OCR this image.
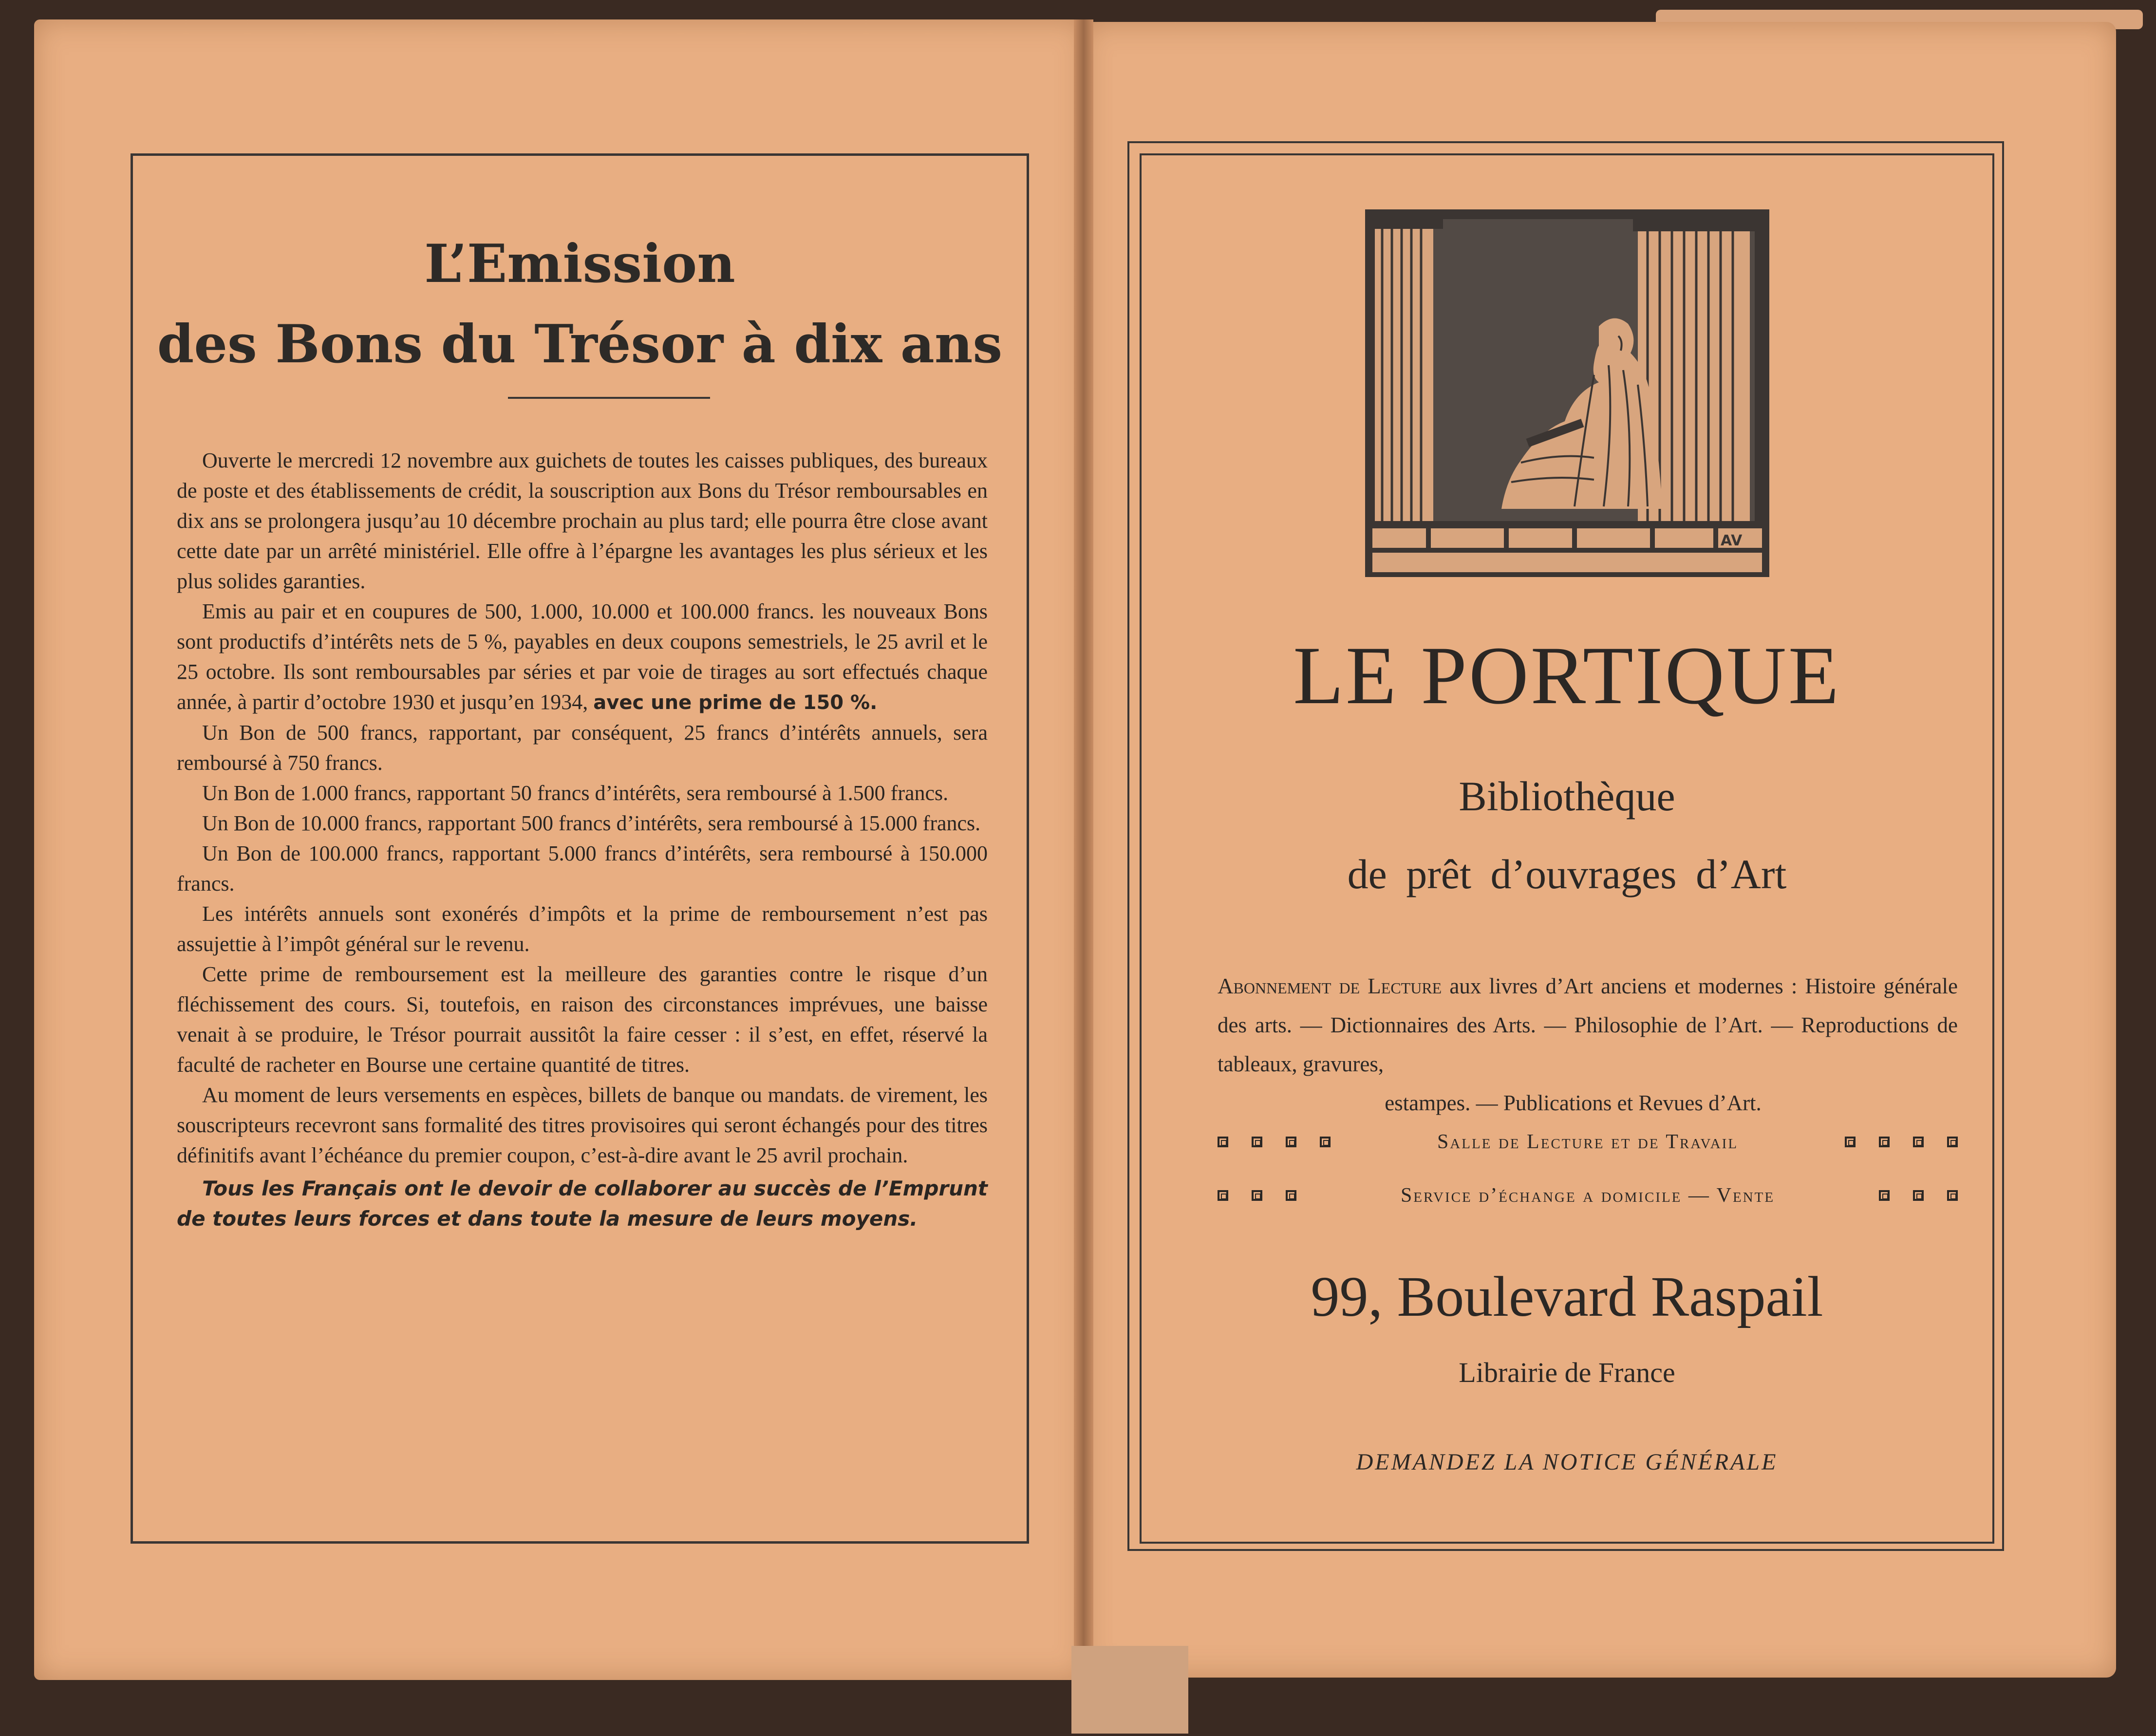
L’Emission
des Bons du Trésor à dix ans

Ouverte le mercredi 12 novembre aux guichets de toutes les caisses publiques, des bureaux de poste et des établissements de crédit, la souscription aux Bons du Trésor remboursables en dix ans se prolongera jusqu’au 10 décembre prochain au plus tard; elle pourra être close avant cette date par un arrêté ministériel. Elle offre à l’épargne les avantages les plus sérieux et les plus solides garanties.

Emis au pair et en coupures de 500, 1.000, 10.000 et 100.000 francs. les nouveaux Bons sont productifs d’intérêts nets de 5 %, payables en deux coupons semestriels, le 25 avril et le 25 octobre. Ils sont remboursables par séries et par voie de tirages au sort effectués chaque année, à partir d’octobre 1930 et jusqu’en 1934, avec une prime de 150 %.

Un Bon de 500 francs, rapportant, par conséquent, 25 francs d’intérêts annuels, sera remboursé à 750 francs.

Un Bon de 1.000 francs, rapportant 50 francs d’intérêts, sera remboursé à 1.500 francs.

Un Bon de 10.000 francs, rapportant 500 francs d’intérêts, sera remboursé à 15.000 francs.

Un Bon de 100.000 francs, rapportant 5.000 francs d’intérêts, sera remboursé à 150.000 francs.

Les intérêts annuels sont exonérés d’impôts et la prime de remboursement n’est pas assujettie à l’impôt général sur le revenu.

Cette prime de remboursement est la meilleure des garanties contre le risque d’un fléchissement des cours. Si, toutefois, en raison des circonstances imprévues, une baisse venait à se produire, le Trésor pourrait aussitôt la faire cesser : il s’est, en effet, réservé la faculté de racheter en Bourse une certaine quantité de titres.

Au moment de leurs versements en espèces, billets de banque ou mandats. de virement, les souscripteurs recevront sans formalité des titres provisoires qui seront échangés pour des titres définitifs avant l’échéance du premier coupon, c’est-à-dire avant le 25 avril prochain.

Tous les Français ont le devoir de collaborer au succès de l’Emprunt de toutes leurs forces et dans toute la mesure de leurs moyens.

AV
LE PORTIQUE
Bibliothèque
de prêt d’ouvrages d’Art
Abonnement de Lecture aux livres d’Art anciens et modernes : Histoire générale des arts. — Dictionnaires des Arts. — Philosophie de l’Art. — Reproductions de tableaux, gravures,
estampes. — Publications et Revues d’Art.
Salle de Lecture et de Travail
Service d’échange a domicile — Vente
99, Boulevard Raspail
Librairie de France
DEMANDEZ LA NOTICE GÉNÉRALE
